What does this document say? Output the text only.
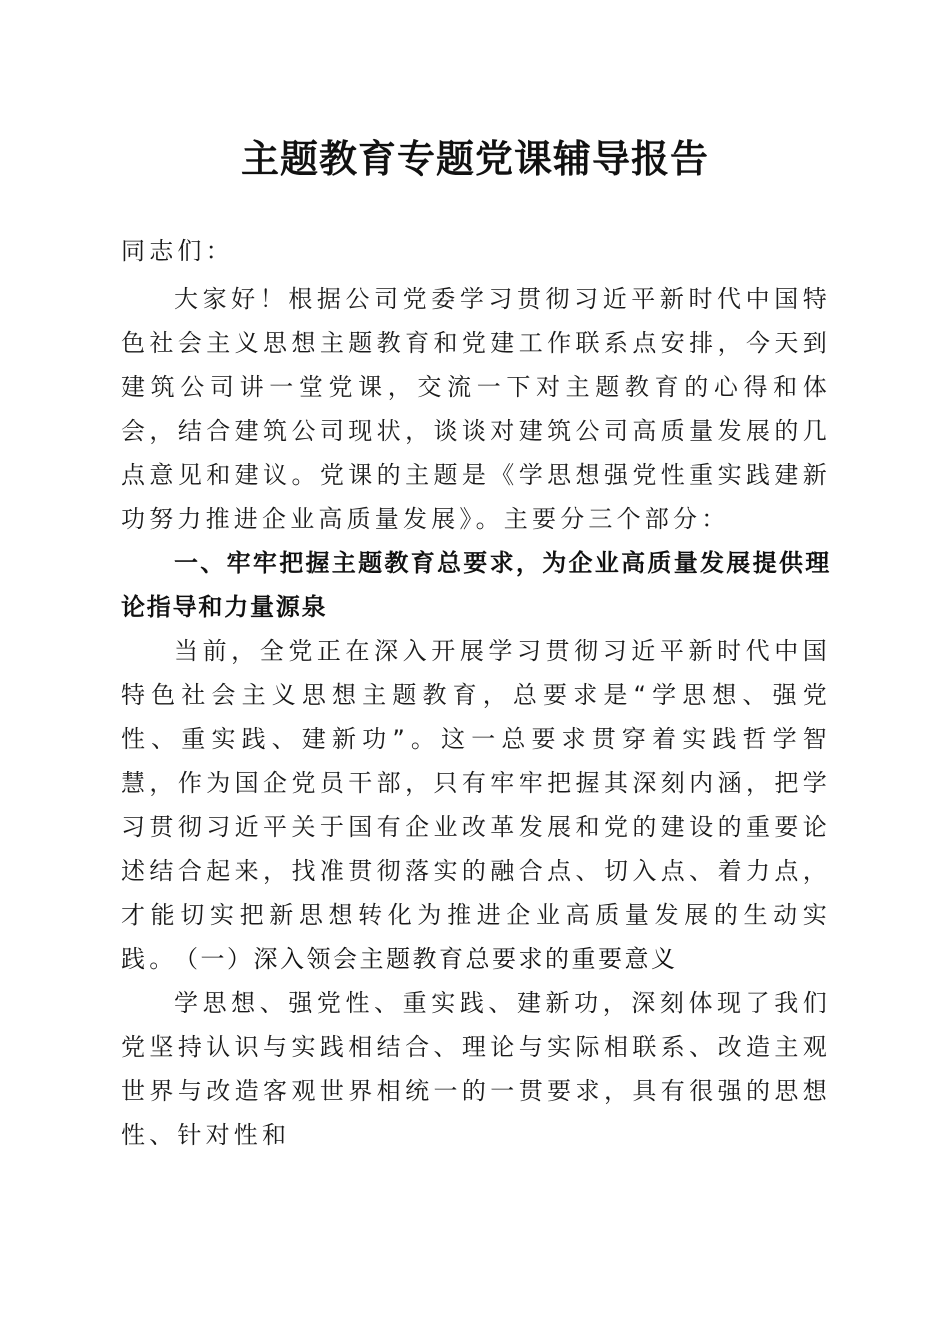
主题教育专题党课辅导报告

同志们：

大家好！根据公司党委学习贯彻习近平新时代中国特色社会主义思想主题教育和党建工作联系点安排，今天到建筑公司讲一堂党课，交流一下对主题教育的心得和体会，结合建筑公司现状，谈谈对建筑公司高质量发展的几点意见和建议。党课的主题是《学思想强党性重实践建新功努力推进企业高质量发展》。主要分三个部分：

一、牢牢把握主题教育总要求，为企业高质量发展提供理论指导和力量源泉

当前，全党正在深入开展学习贯彻习近平新时代中国特色社会主义思想主题教育，总要求是“学思想、强党性、重实践、建新功”。这一总要求贯穿着实践哲学智慧，作为国企党员干部，只有牢牢把握其深刻内涵，把学习贯彻习近平关于国有企业改革发展和党的建设的重要论述结合起来，找准贯彻落实的融合点、切入点、着力点，才能切实把新思想转化为推进企业高质量发展的生动实践。

（一）深入领会主题教育总要求的重要意义

学思想、强党性、重实践、建新功，深刻体现了我们党坚持认识与实践相结合、理论与实际相联系、改造主观世界与改造客观世界相统一的一贯要求，具有很强的思想性、针对性和
